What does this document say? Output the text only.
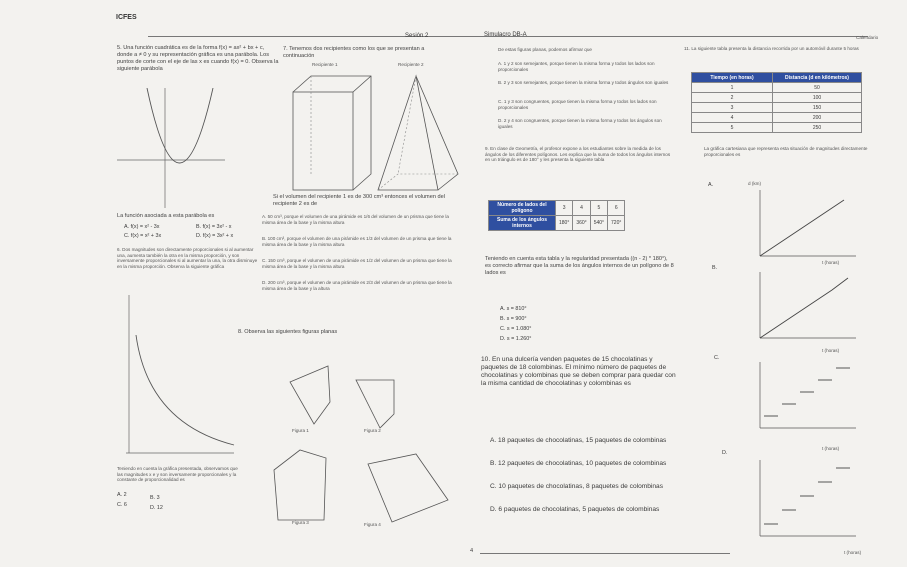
ICFES
Sesión 2	Simulacro DB-A	Calendario
5. Una función cuadrática es de la forma f(x) = ax² + bx + c, donde a ≠ 0 y su representación gráfica es una parábola. Los puntos de corte con el eje de las x es cuando f(x) = 0. Observa la siguiente parábola
La función asociada a esta parábola es
A. f(x) = x² - 3x	B. f(x) = 3x² - x
C. f(x) = x² + 3x	D. f(x) = 3x² + x
6. Dos magnitudes son directamente proporcionales si al aumentar una, aumenta también la otra en la misma proporción, y son inversamente proporcionales si al aumentar la una, la otra disminuye en la misma proporción. Observa la siguiente gráfica
Teniendo en cuenta la gráfica presentada, observamos que las magnitudes x e y son inversamente proporcionales y la constante de proporcionalidad es
A. 2	B. 3
C. 6	D. 12
7. Tenemos dos recipientes como los que se presentan a continuación
Recipiente 1	Recipiente 2
Si el volumen del recipiente 1 es de 300 cm³ entonces el volumen del recipiente 2 es de
A. 50 cm³, porque el volumen de una pirámide es 1/6 del volumen de un prisma que tiene la misma área de la base y la misma altura
B. 100 cm³, porque el volumen de una pirámide es 1/3 del volumen de un prisma que tiene la misma área de la base y la misma altura
C. 150 cm³, porque el volumen de una pirámide es 1/2 del volumen de un prisma que tiene la misma área de la base y la misma altura
D. 200 cm³, porque el volumen de una pirámide es 2/3 del volumen de un prisma que tiene la misma área de la base y la altura
8. Observa las siguientes figuras planas
Figura 1	Figura 2
Figura 3	Figura 4
De estas figuras planas, podemos afirmar que
A. 1 y 2 son semejantes, porque tienen la misma forma y todos los lados son proporcionales
B. 2 y 3 son semejantes, porque tienen la misma forma y todos ángulos son iguales
C. 1 y 3 son congruentes, porque tienen la misma forma y todos los lados son proporcionales
D. 2 y 4 son congruentes, porque tienen la misma forma y todos los ángulos son iguales
9. En clase de Geometría, el profesor expone a los estudiantes sobre la medida de los ángulos de los diferentes polígonos. Les explica que la suma de todos los ángulos internos en un triángulo es de 180° y les presenta la siguiente tabla
Número de lados del polígono	3	4	5	6
Suma de los ángulos internos	180°	360°	540°	720°
Teniendo en cuenta esta tabla y la regularidad presentada ((n - 2) * 180°), es correcto afirmar que la suma de los ángulos internos de un polígono de 8 lados es
A. s = 810°
B. s = 900°
C. s = 1.080°
D. s = 1.260°
10. En una dulcería venden paquetes de 15 chocolatinas y paquetes de 18 colombinas. El mínimo número de paquetes de chocolatinas y colombinas que se deben comprar para quedar con la misma cantidad de chocolatinas y colombinas es
A. 18 paquetes de chocolatinas, 15 paquetes de colombinas
B. 12 paquetes de chocolatinas, 10 paquetes de colombinas
C. 10 paquetes de chocolatinas, 8 paquetes de colombinas
D. 6 paquetes de chocolatinas, 5 paquetes de colombinas
11. La siguiente tabla presenta la distancia recorrida por un automóvil durante 5 horas
Tiempo (en horas)	Distancia (d en kilómetros)
1	50
2	100
3	150
4	200
5	250
La gráfica cartesiana que representa esta situación de magnitudes directamente proporcionales es
A.
B.
C.
D.
d (km)
t (horas)
t (horas)
t (horas)
t (horas)
4
